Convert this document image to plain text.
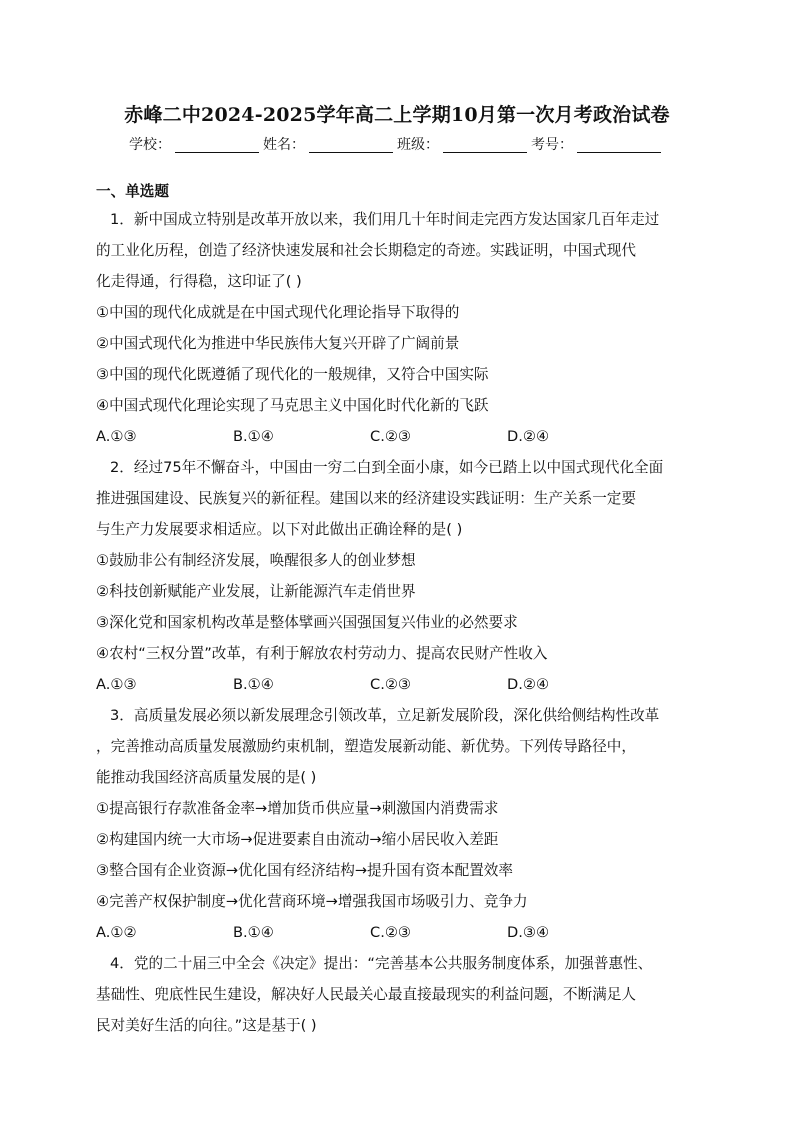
赤峰二中2024-2025学年高二上学期10月第一次月考政治试卷
学校：	姓名：	班级：	考号：
一、单选题
1．新中国成立特别是改革开放以来，我们用几十年时间走完西方发达国家几百年走过
的工业化历程，创造了经济快速发展和社会长期稳定的奇迹。实践证明，中国式现代
化走得通，行得稳，这印证了( )
①中国的现代化成就是在中国式现代化理论指导下取得的
②中国式现代化为推进中华民族伟大复兴开辟了广阔前景
③中国的现代化既遵循了现代化的一般规律，又符合中国实际
④中国式现代化理论实现了马克思主义中国化时代化新的飞跃
A.①③	B.①④	C.②③	D.②④
2．经过75年不懈奋斗，中国由一穷二白到全面小康，如今已踏上以中国式现代化全面
推进强国建设、民族复兴的新征程。建国以来的经济建设实践证明：生产关系一定要
与生产力发展要求相适应。以下对此做出正确诠释的是( )
①鼓励非公有制经济发展，唤醒很多人的创业梦想
②科技创新赋能产业发展，让新能源汽车走俏世界
③深化党和国家机构改革是整体擘画兴国强国复兴伟业的必然要求
④农村“三权分置”改革，有利于解放农村劳动力、提高农民财产性收入
A.①③	B.①④	C.②③	D.②④
3．高质量发展必须以新发展理念引领改革，立足新发展阶段，深化供给侧结构性改革
，完善推动高质量发展激励约束机制，塑造发展新动能、新优势。下列传导路径中，
能推动我国经济高质量发展的是( )
①提高银行存款准备金率→增加货币供应量→刺激国内消费需求
②构建国内统一大市场→促进要素自由流动→缩小居民收入差距
③整合国有企业资源→优化国有经济结构→提升国有资本配置效率
④完善产权保护制度→优化营商环境→增强我国市场吸引力、竞争力
A.①②	B.①④	C.②③	D.③④
4．党的二十届三中全会《决定》提出：“完善基本公共服务制度体系，加强普惠性、
基础性、兜底性民生建设，解决好人民最关心最直接最现实的利益问题，不断满足人
民对美好生活的向往。”这是基于( )
